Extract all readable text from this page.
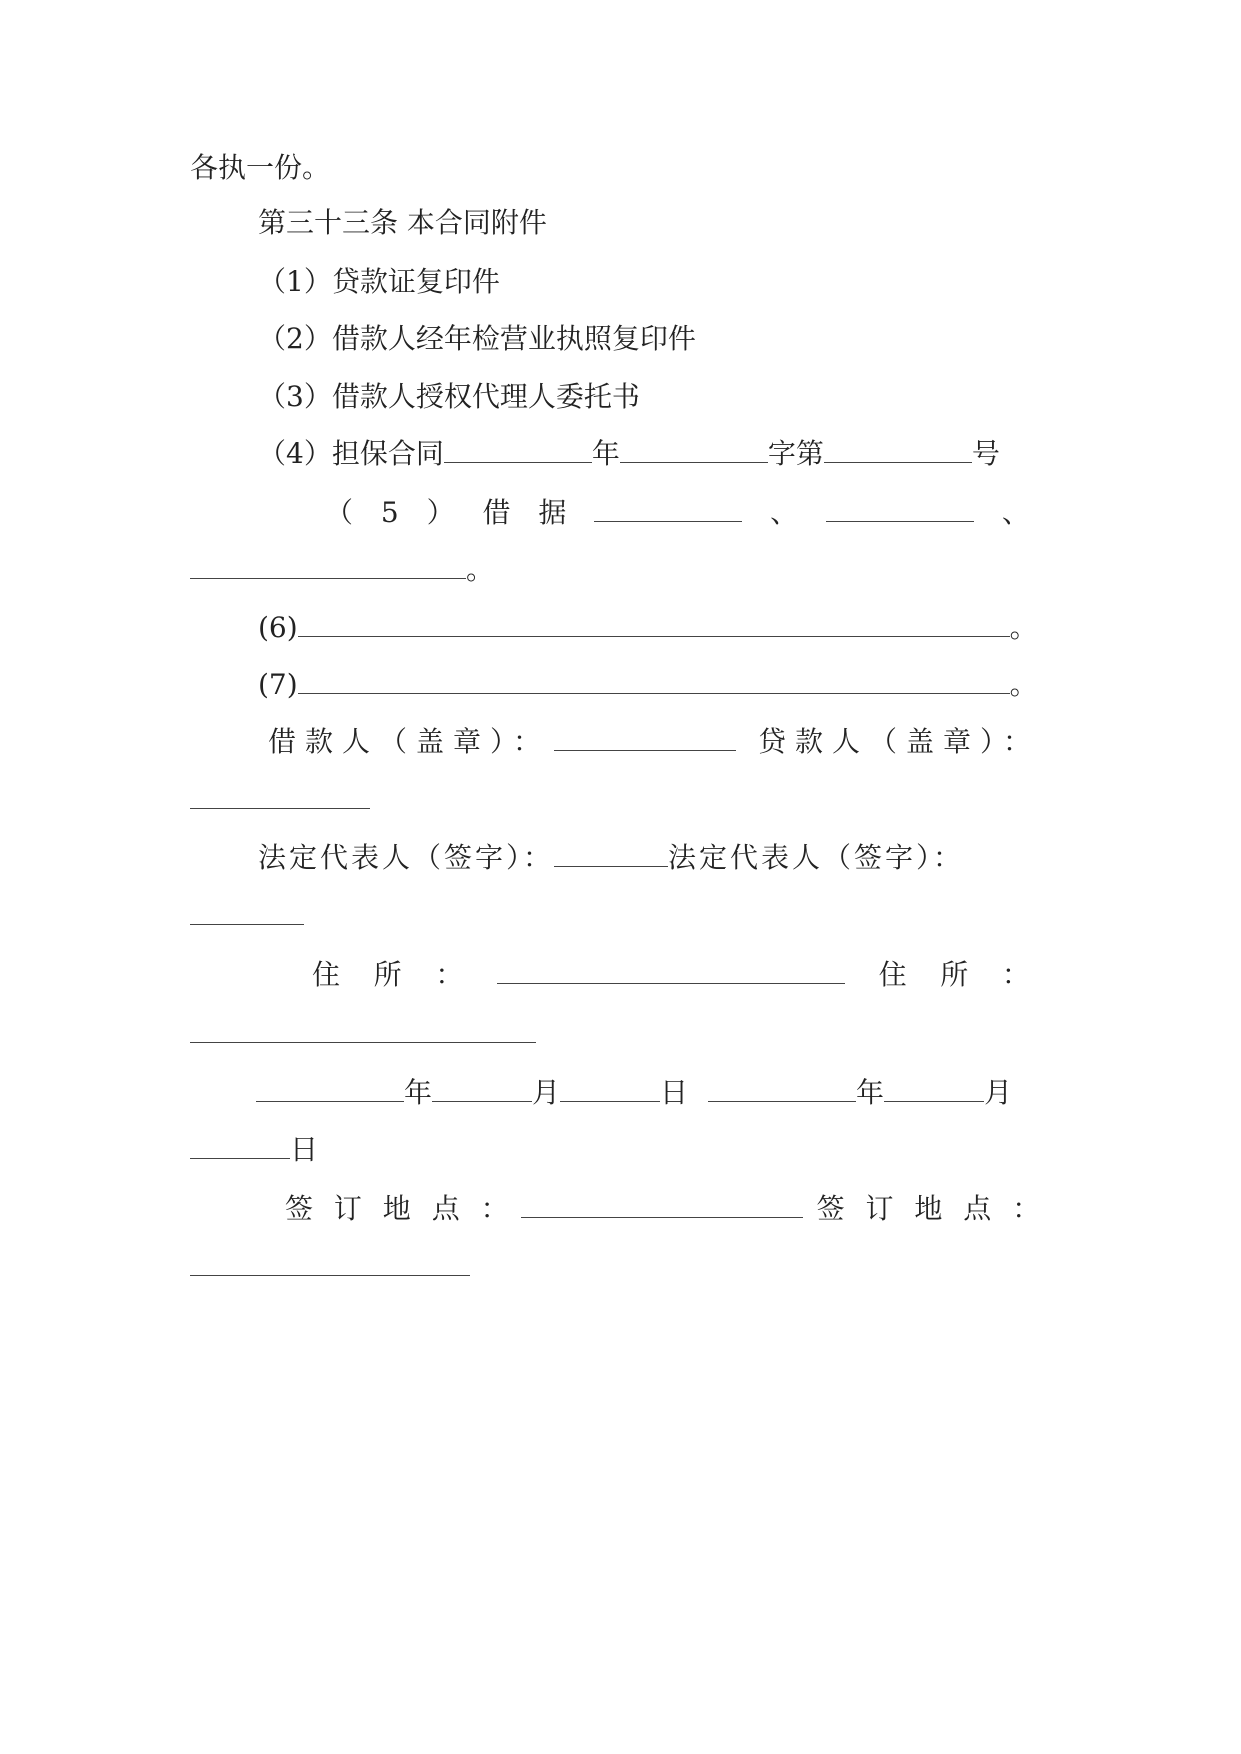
各执一份。
第三十三条 本合同附件
（1）贷款证复印件
（2）借款人经年检营业执照复印件
（3）借款人授权代理人委托书
（4）担保合同	年	字第	号
（ 5 ） 借 据	、	、
。
(6)	。
(7)	。
借款人（盖章）：	贷款人（盖章）：
法定代表人（签字）：	法定代表人（签字）：
住 所 ：	住 所 ：
年	月	日	年	月
日
签 订 地 点 ：	签 订 地 点 ：
